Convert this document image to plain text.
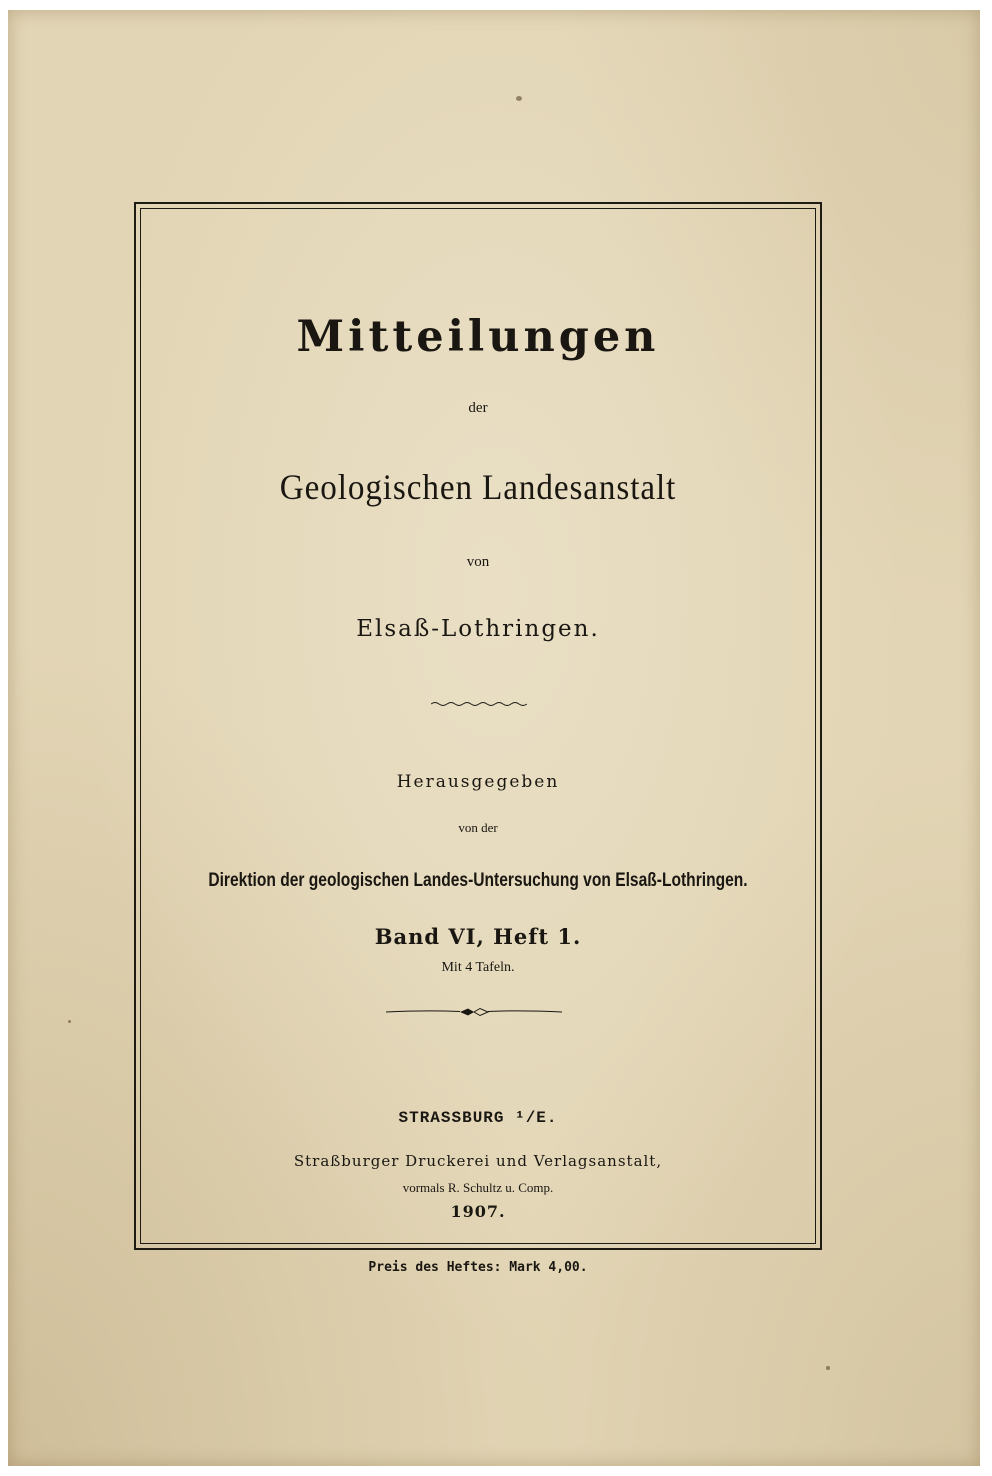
Mitteilungen
der
Geologischen Landesanstalt
von
Elsaß-Lothringen.
Herausgegeben
von der
Direktion der geologischen Landes-Untersuchung von Elsaß-Lothringen.
Band VI, Heft 1.
Mit 4 Tafeln.
STRASSBURG ¹/E.
Straßburger Druckerei und Verlagsanstalt,
vormals R. Schultz u. Comp.
1907.
Preis des Heftes: Mark 4,00.
